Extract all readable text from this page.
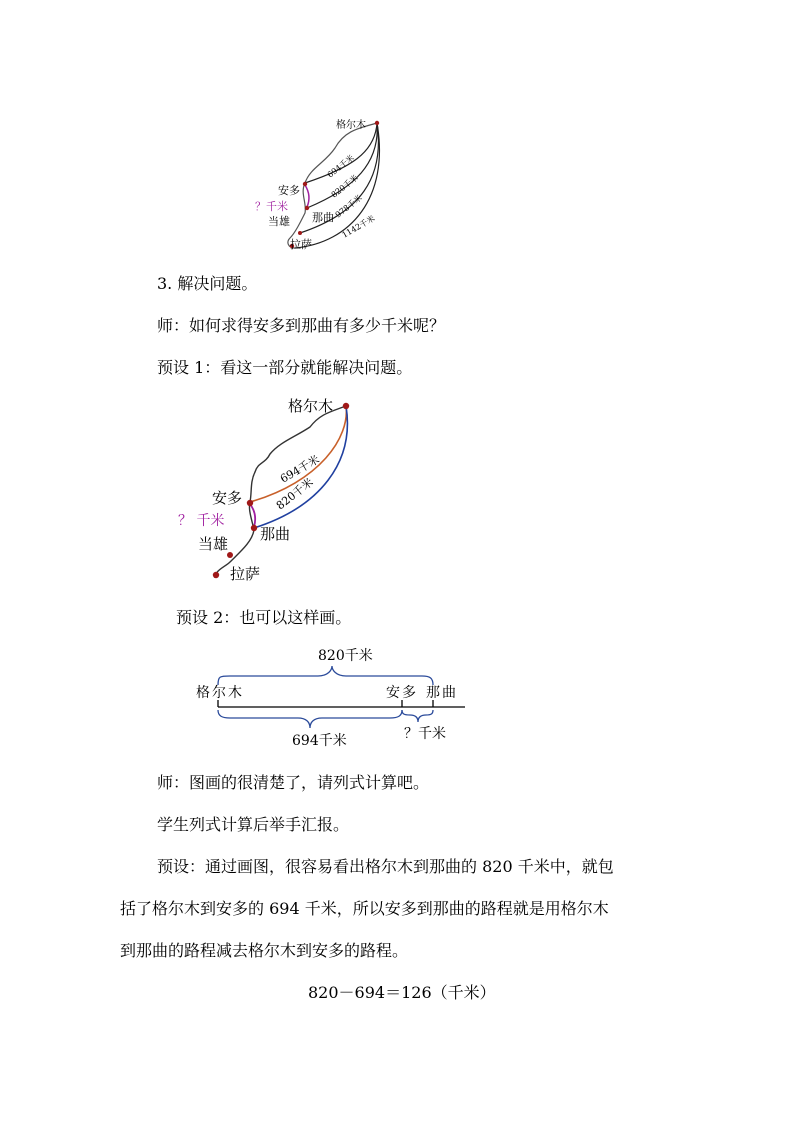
格尔木
安多
？千米
当雄 那曲
拉萨
694千米
820千米
978千米
1142千米
3. 解决问题。
师：如何求得安多到那曲有多少千米呢？
预设 1：看这一部分就能解决问题。
格尔木
安多
？ 千米
当雄
那曲
拉萨
694千米
820千米
预设 2：也可以这样画。
820千米
格尔木	安多 那曲
694千米	？千米
师：图画的很清楚了，请列式计算吧。
学生列式计算后举手汇报。
预设：通过画图，很容易看出格尔木到那曲的 820 千米中，就包
括了格尔木到安多的 694 千米，所以安多到那曲的路程就是用格尔木
到那曲的路程减去格尔木到安多的路程。
820－694＝126（千米）
